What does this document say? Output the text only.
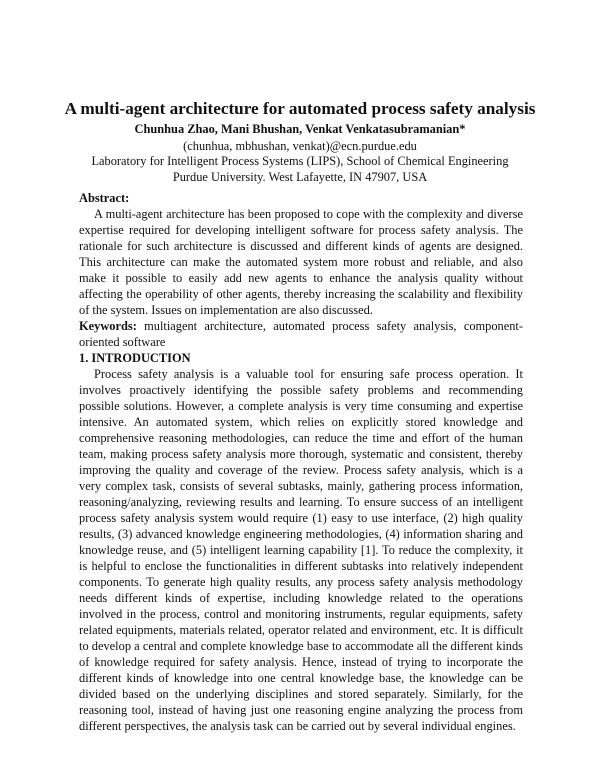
A multi-agent architecture for automated process safety analysis
Chunhua Zhao, Mani Bhushan, Venkat Venkatasubramanian*
(chunhua, mbhushan, venkat)@ecn.purdue.edu
Laboratory for Intelligent Process Systems (LIPS), School of Chemical Engineering
Purdue University. West Lafayette, IN 47907, USA
Abstract:

A multi-agent architecture has been proposed to cope with the complexity and diverse expertise required for developing intelligent software for process safety analysis. The rationale for such architecture is discussed and different kinds of agents are designed. This architecture can make the automated system more robust and reliable, and also make it possible to easily add new agents to enhance the analysis quality without affecting the operability of other agents, thereby increasing the scalability and flexibility of the system. Issues on implementation are also discussed.

Keywords: multiagent architecture, automated process safety analysis, component-oriented software

1. INTRODUCTION

Process safety analysis is a valuable tool for ensuring safe process operation. It involves proactively identifying the possible safety problems and recommending possible solutions. However, a complete analysis is very time consuming and expertise intensive. An automated system, which relies on explicitly stored knowledge and comprehensive reasoning methodologies, can reduce the time and effort of the human team, making process safety analysis more thorough, systematic and consistent, thereby improving the quality and coverage of the review. Process safety analysis, which is a very complex task, consists of several subtasks, mainly, gathering process information, reasoning/analyzing, reviewing results and learning. To ensure success of an intelligent process safety analysis system would require (1) easy to use interface, (2) high quality results, (3) advanced knowledge engineering methodologies, (4) information sharing and knowledge reuse, and (5) intelligent learning capability [1]. To reduce the complexity, it is helpful to enclose the functionalities in different subtasks into relatively independent components. To generate high quality results, any process safety analysis methodology needs different kinds of expertise, including knowledge related to the operations involved in the process, control and monitoring instruments, regular equipments, safety related equipments, materials related, operator related and environment, etc. It is difficult to develop a central and complete knowledge base to accommodate all the different kinds of knowledge required for safety analysis. Hence, instead of trying to incorporate the different kinds of knowledge into one central knowledge base, the knowledge can be divided based on the underlying disciplines and stored separately. Similarly, for the reasoning tool, instead of having just one reasoning engine analyzing the process from different perspectives, the analysis task can be carried out by several individual engines.
